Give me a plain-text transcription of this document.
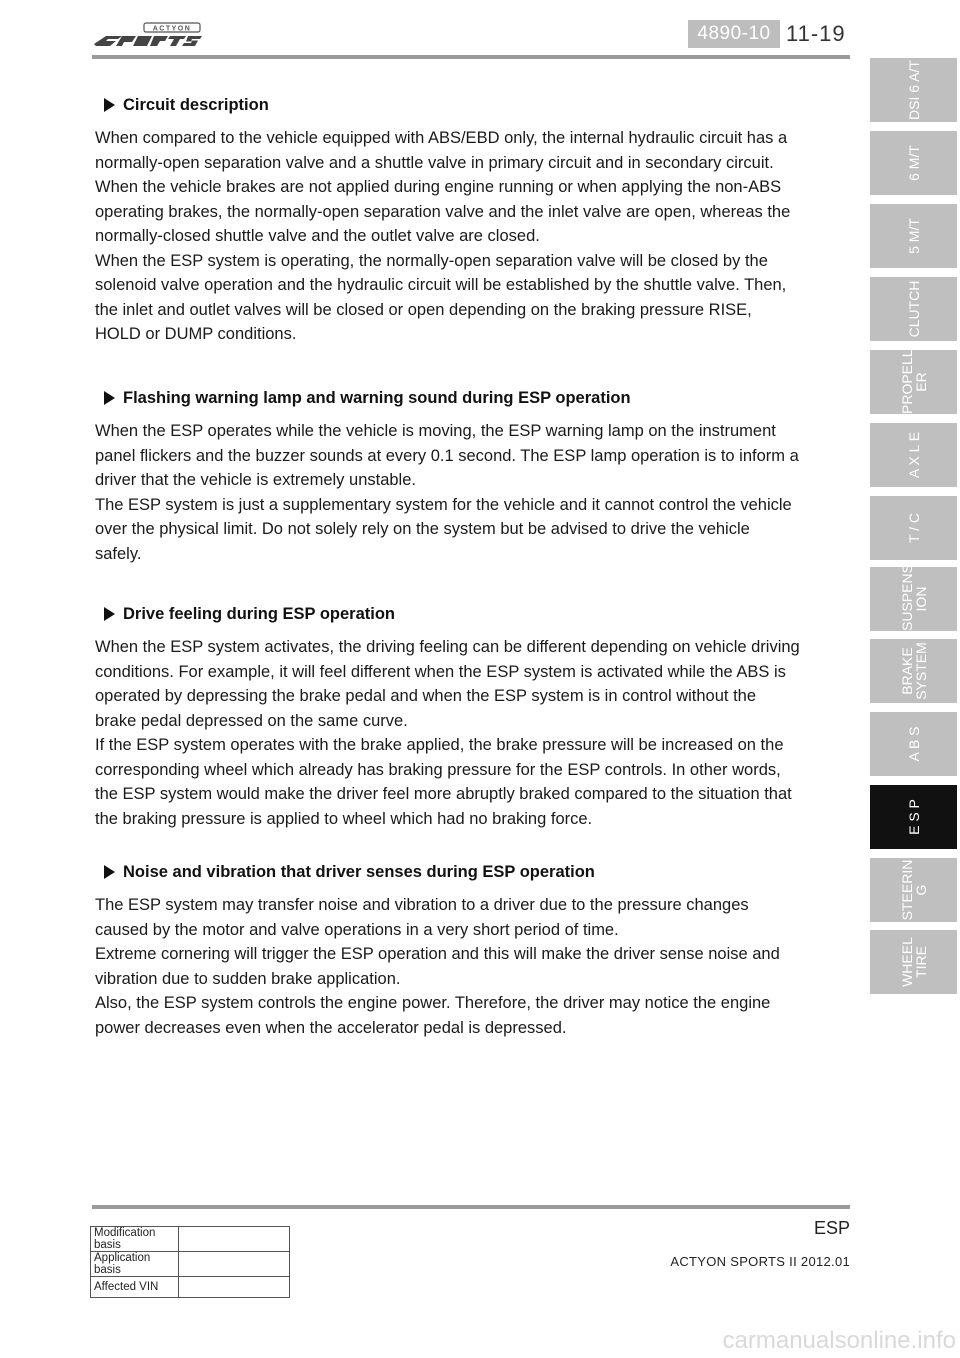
ACTYON	4890-10 11-19
DSI 6 A/T
6 M/T
5 M/T
CLUTCH
PROPELL
ER
A X L E
T / C
SUSPENS
ION
BRAKE
SYSTEM
A B S
E S P
STEERIN
G
WHEEL
TIRE
Circuit description

When compared to the vehicle equipped with ABS/EBD only, the internal hydraulic circuit has a normally-open separation valve and a shuttle valve in primary circuit and in secondary circuit. When the vehicle brakes are not applied during engine running or when applying the non-ABS operating brakes, the normally-open separation valve and the inlet valve are open, whereas the normally-closed shuttle valve and the outlet valve are closed.
When the ESP system is operating, the normally-open separation valve will be closed by the solenoid valve operation and the hydraulic circuit will be established by the shuttle valve. Then, the inlet and outlet valves will be closed or open depending on the braking pressure RISE, HOLD or DUMP conditions.

Flashing warning lamp and warning sound during ESP operation

When the ESP operates while the vehicle is moving, the ESP warning lamp on the instrument panel flickers and the buzzer sounds at every 0.1 second. The ESP lamp operation is to inform a driver that the vehicle is extremely unstable.
The ESP system is just a supplementary system for the vehicle and it cannot control the vehicle over the physical limit. Do not solely rely on the system but be advised to drive the vehicle safely.

Drive feeling during ESP operation

When the ESP system activates, the driving feeling can be different depending on vehicle driving conditions. For example, it will feel different when the ESP system is activated while the ABS is operated by depressing the brake pedal and when the ESP system is in control without the brake pedal depressed on the same curve.
If the ESP system operates with the brake applied, the brake pressure will be increased on the corresponding wheel which already has braking pressure for the ESP controls. In other words, the ESP system would make the driver feel more abruptly braked compared to the situation that the braking pressure is applied to wheel which had no braking force.

Noise and vibration that driver senses during ESP operation

The ESP system may transfer noise and vibration to a driver due to the pressure changes caused by the motor and valve operations in a very short period of time.
Extreme cornering will trigger the ESP operation and this will make the driver sense noise and vibration due to sudden brake application.
Also, the ESP system controls the engine power. Therefore, the driver may notice the engine power decreases even when the accelerator pedal is depressed.

Modification basis	
Application basis	
Affected VIN	
ESP
ACTYON SPORTS II 2012.01
carmanualsonline.info
